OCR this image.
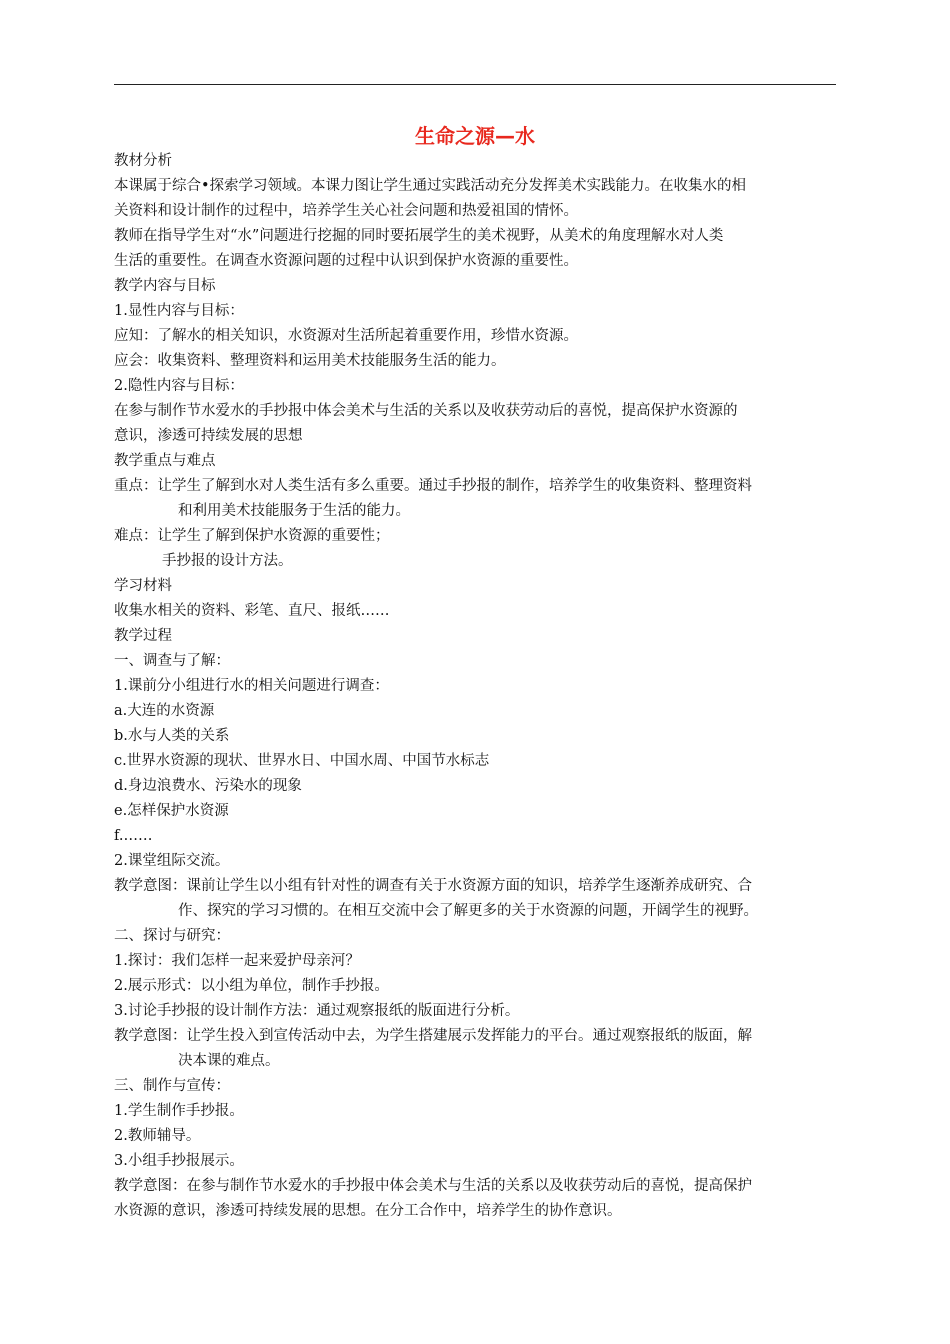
生命之源—水
教材分析
本课属于综合•探索学习领域。本课力图让学生通过实践活动充分发挥美术实践能力。在收集水的相
关资料和设计制作的过程中，培养学生关心社会问题和热爱祖国的情怀。
教师在指导学生对“水”问题进行挖掘的同时要拓展学生的美术视野，从美术的角度理解水对人类
生活的重要性。在调查水资源问题的过程中认识到保护水资源的重要性。
教学内容与目标
1.显性内容与目标：
应知：了解水的相关知识，水资源对生活所起着重要作用，珍惜水资源。
应会：收集资料、整理资料和运用美术技能服务生活的能力。
2.隐性内容与目标：
在参与制作节水爱水的手抄报中体会美术与生活的关系以及收获劳动后的喜悦，提高保护水资源的
意识，渗透可持续发展的思想
教学重点与难点
重点：让学生了解到水对人类生活有多么重要。通过手抄报的制作，培养学生的收集资料、整理资料
和利用美术技能服务于生活的能力。
难点：让学生了解到保护水资源的重要性；
手抄报的设计方法。
学习材料
收集水相关的资料、彩笔、直尺、报纸……
教学过程
一、调查与了解：
1.课前分小组进行水的相关问题进行调查：
a.大连的水资源
b.水与人类的关系
c.世界水资源的现状、世界水日、中国水周、中国节水标志
d.身边浪费水、污染水的现象
e.怎样保护水资源
f.……
2.课堂组际交流。
教学意图：课前让学生以小组有针对性的调查有关于水资源方面的知识，培养学生逐渐养成研究、合
作、探究的学习习惯的。在相互交流中会了解更多的关于水资源的问题，开阔学生的视野。
二、探讨与研究：
1.探讨：我们怎样一起来爱护母亲河？
2.展示形式：以小组为单位，制作手抄报。
3.讨论手抄报的设计制作方法：通过观察报纸的版面进行分析。
教学意图：让学生投入到宣传活动中去，为学生搭建展示发挥能力的平台。通过观察报纸的版面，解
决本课的难点。
三、制作与宣传：
1.学生制作手抄报。
2.教师辅导。
3.小组手抄报展示。
教学意图：在参与制作节水爱水的手抄报中体会美术与生活的关系以及收获劳动后的喜悦，提高保护
水资源的意识，渗透可持续发展的思想。在分工合作中，培养学生的协作意识。
